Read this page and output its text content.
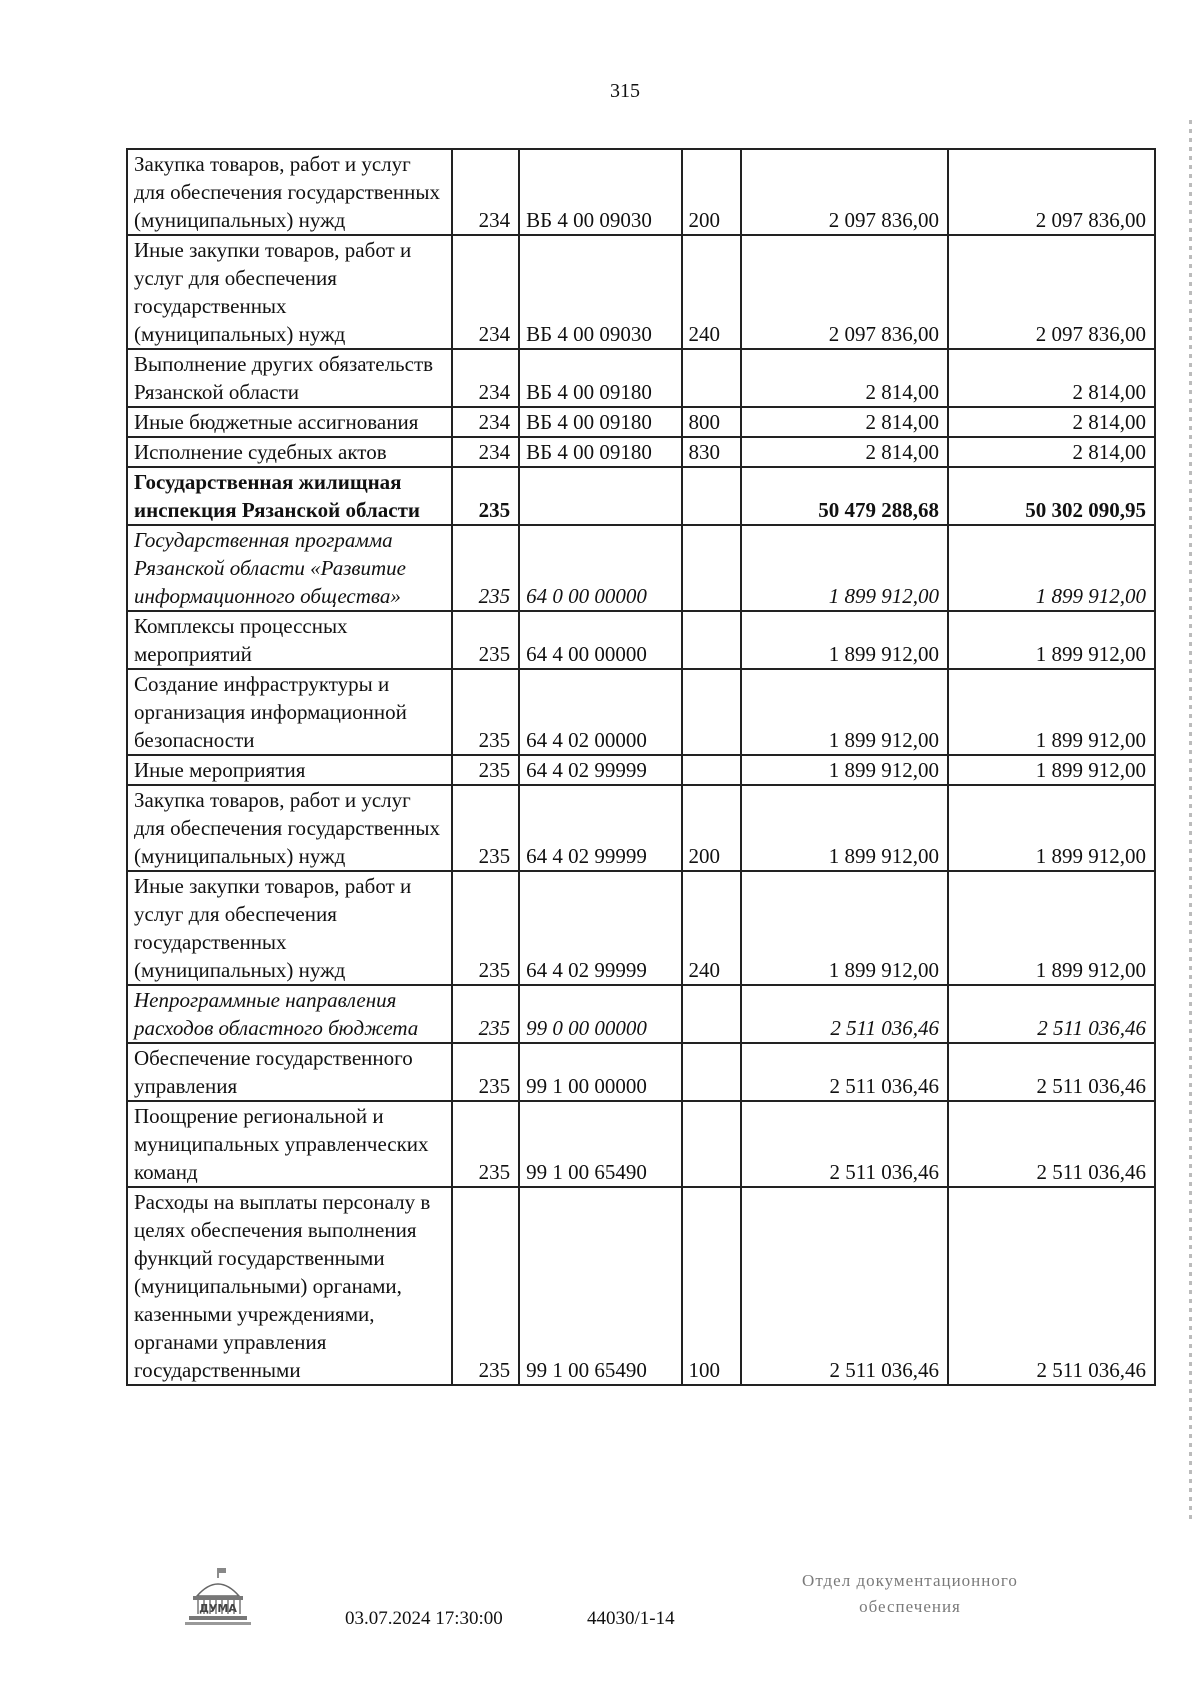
315
Закупка товаров, работ и услуг для обеспечения государственных (муниципальных) нужд	234	ВБ 4 00 09030	200	2 097 836,00	2 097 836,00
Иные закупки товаров, работ и услуг для обеспечения государственных (муниципальных) нужд	234	ВБ 4 00 09030	240	2 097 836,00	2 097 836,00
Выполнение других обязательств Рязанской области	234	ВБ 4 00 09180		2 814,00	2 814,00
Иные бюджетные ассигнования	234	ВБ 4 00 09180	800	2 814,00	2 814,00
Исполнение судебных актов	234	ВБ 4 00 09180	830	2 814,00	2 814,00
Государственная жилищная инспекция Рязанской области	235			50 479 288,68	50 302 090,95
Государственная программа Рязанской области «Развитие информационного общества»	235	64 0 00 00000		1 899 912,00	1 899 912,00
Комплексы процессных мероприятий	235	64 4 00 00000		1 899 912,00	1 899 912,00
Создание инфраструктуры и организация информационной безопасности	235	64 4 02 00000		1 899 912,00	1 899 912,00
Иные мероприятия	235	64 4 02 99999		1 899 912,00	1 899 912,00
Закупка товаров, работ и услуг для обеспечения государственных (муниципальных) нужд	235	64 4 02 99999	200	1 899 912,00	1 899 912,00
Иные закупки товаров, работ и услуг для обеспечения государственных (муниципальных) нужд	235	64 4 02 99999	240	1 899 912,00	1 899 912,00
Непрограммные направления расходов областного бюджета	235	99 0 00 00000		2 511 036,46	2 511 036,46
Обеспечение государственного управления	235	99 1 00 00000		2 511 036,46	2 511 036,46
Поощрение региональной и муниципальных управленческих команд	235	99 1 00 65490		2 511 036,46	2 511 036,46
Расходы на выплаты персоналу в целях обеспечения выполнения функций государственными (муниципальными) органами, казенными учреждениями, органами управления государственными	235	99 1 00 65490	100	2 511 036,46	2 511 036,46
ДУМА	03.07.2024 17:30:00	44030/1-14
Отдел документационного
обеспечения
